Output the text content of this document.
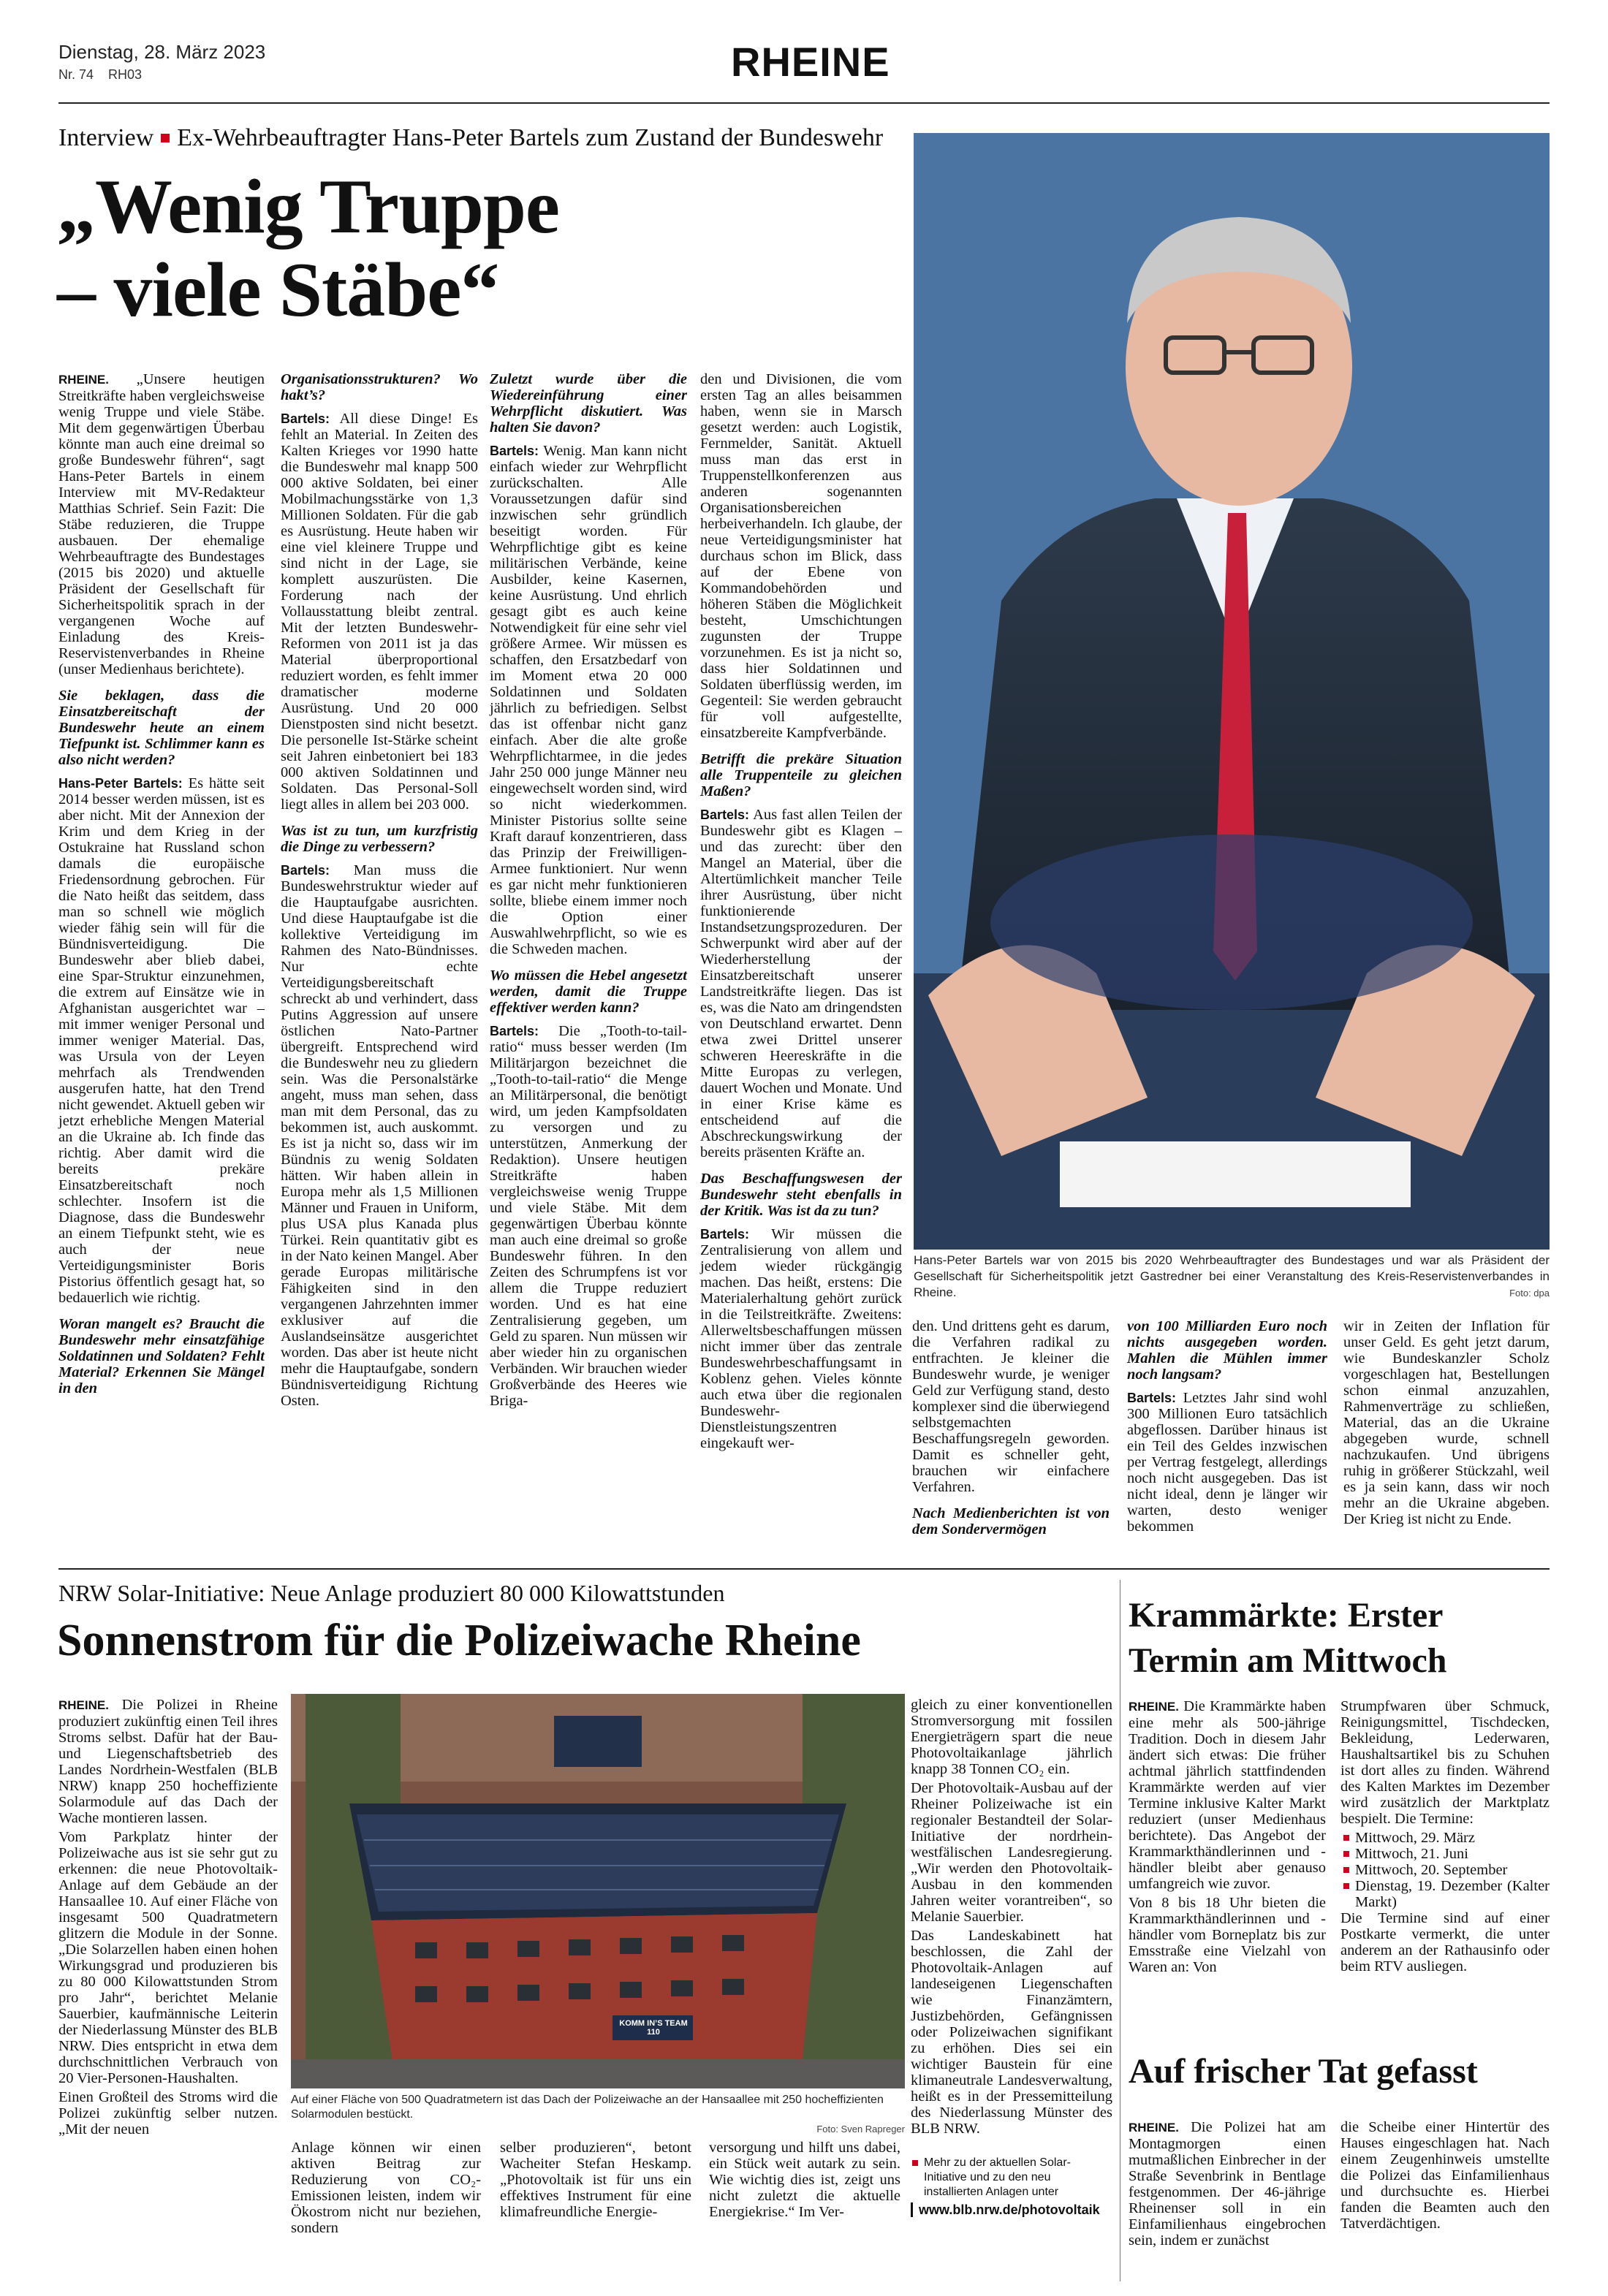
Dienstag, 28. März 2023
Nr. 74 RH03	RHEINE
Interview Ex-Wehrbeauftragter Hans-Peter Bartels zum Zustand der Bundeswehr
„Wenig Truppe
– viele Stäbe“

RHEINE. „Unsere heutigen Streitkräfte haben vergleichsweise wenig Truppe und viele Stäbe. Mit dem gegenwärtigen Überbau könnte man auch eine dreimal so große Bundeswehr führen“, sagt Hans-Peter Bartels in einem Interview mit MV-Redakteur Matthias Schrief. Sein Fazit: Die Stäbe reduzieren, die Truppe ausbauen. Der ehemalige Wehrbeauftragte des Bundestages (2015 bis 2020) und aktuelle Präsident der Gesellschaft für Sicherheitspolitik sprach in der vergangenen Woche auf Einladung des Kreis-Reservistenverbandes in Rheine (unser Medienhaus berichtete).

Sie beklagen, dass die Einsatzbereitschaft der Bundeswehr heute an einem Tiefpunkt ist. Schlimmer kann es also nicht werden?

Hans-Peter Bartels: Es hätte seit 2014 besser werden müssen, ist es aber nicht. Mit der Annexion der Krim und dem Krieg in der Ostukraine hat Russland schon damals die europäische Friedensordnung gebrochen. Für die Nato heißt das seitdem, dass man so schnell wie möglich wieder fähig sein will für die Bündnisverteidigung. Die Bundeswehr aber blieb dabei, eine Spar-Struktur einzunehmen, die extrem auf Einsätze wie in Afghanistan ausgerichtet war – mit immer weniger Personal und immer weniger Material. Das, was Ursula von der Leyen mehrfach als Trendwenden ausgerufen hatte, hat den Trend nicht gewendet. Aktuell geben wir jetzt erhebliche Mengen Material an die Ukraine ab. Ich finde das richtig. Aber damit wird die bereits prekäre Einsatzbereitschaft noch schlechter. Insofern ist die Diagnose, dass die Bundeswehr an einem Tiefpunkt steht, wie es auch der neue Verteidigungsminister Boris Pistorius öffentlich gesagt hat, so bedauerlich wie richtig.

Woran mangelt es? Braucht die Bundeswehr mehr einsatzfähige Soldatinnen und Soldaten? Fehlt Material? Erkennen Sie Mängel in den

Organisationsstrukturen? Wo hakt’s?

Bartels: All diese Dinge! Es fehlt an Material. In Zeiten des Kalten Krieges vor 1990 hatte die Bundeswehr mal knapp 500 000 aktive Soldaten, bei einer Mobilmachungsstärke von 1,3 Millionen Soldaten. Für die gab es Ausrüstung. Heute haben wir eine viel kleinere Truppe und sind nicht in der Lage, sie komplett auszurüsten. Die Forderung nach der Vollausstattung bleibt zentral. Mit der letzten Bundeswehr-Reformen von 2011 ist ja das Material überproportional reduziert worden, es fehlt immer dramatischer moderne Ausrüstung. Und 20 000 Dienstposten sind nicht besetzt. Die personelle Ist-Stärke scheint seit Jahren einbetoniert bei 183 000 aktiven Soldatinnen und Soldaten. Das Personal-Soll liegt alles in allem bei 203 000.

Was ist zu tun, um kurzfristig die Dinge zu verbessern?

Bartels: Man muss die Bundeswehrstruktur wieder auf die Hauptaufgabe ausrichten. Und diese Hauptaufgabe ist die kollektive Verteidigung im Rahmen des Nato-Bündnisses. Nur echte Verteidigungsbereitschaft schreckt ab und verhindert, dass Putins Aggression auf unsere östlichen Nato-Partner übergreift. Entsprechend wird die Bundeswehr neu zu gliedern sein. Was die Personalstärke angeht, muss man sehen, dass man mit dem Personal, das zu bekommen ist, auch auskommt. Es ist ja nicht so, dass wir im Bündnis zu wenig Soldaten hätten. Wir haben allein in Europa mehr als 1,5 Millionen Männer und Frauen in Uniform, plus USA plus Kanada plus Türkei. Rein quantitativ gibt es in der Nato keinen Mangel. Aber gerade Europas militärische Fähigkeiten sind in den vergangenen Jahrzehnten immer exklusiver auf die Auslandseinsätze ausgerichtet worden. Das aber ist heute nicht mehr die Hauptaufgabe, sondern Bündnisverteidigung Richtung Osten.

Zuletzt wurde über die Wiedereinführung einer Wehrpflicht diskutiert. Was halten Sie davon?

Bartels: Wenig. Man kann nicht einfach wieder zur Wehrpflicht zurückschalten. Alle Voraussetzungen dafür sind inzwischen sehr gründlich beseitigt worden. Für Wehrpflichtige gibt es keine militärischen Verbände, keine Ausbilder, keine Kasernen, keine Ausrüstung. Und ehrlich gesagt gibt es auch keine Notwendigkeit für eine sehr viel größere Armee. Wir müssen es schaffen, den Ersatzbedarf von im Moment etwa 20 000 Soldatinnen und Soldaten jährlich zu befriedigen. Selbst das ist offenbar nicht ganz einfach. Aber die alte große Wehrpflichtarmee, in die jedes Jahr 250 000 junge Männer neu eingewechselt worden sind, wird so nicht wiederkommen. Minister Pistorius sollte seine Kraft darauf konzentrieren, dass das Prinzip der Freiwilligen-Armee funktioniert. Nur wenn es gar nicht mehr funktionieren sollte, bliebe einem immer noch die Option einer Auswahlwehrpflicht, so wie es die Schweden machen.

Wo müssen die Hebel angesetzt werden, damit die Truppe effektiver werden kann?

Bartels: Die „Tooth-to-tail-ratio“ muss besser werden (Im Militärjargon bezeichnet die „Tooth-to-tail-ratio“ die Menge an Militärpersonal, die benötigt wird, um jeden Kampfsoldaten zu versorgen und zu unterstützen, Anmerkung der Redaktion). Unsere heutigen Streitkräfte haben vergleichsweise wenig Truppe und viele Stäbe. Mit dem gegenwärtigen Überbau könnte man auch eine dreimal so große Bundeswehr führen. In den Zeiten des Schrumpfens ist vor allem die Truppe reduziert worden. Und es hat eine Zentralisierung gegeben, um Geld zu sparen. Nun müssen wir aber wieder hin zu organischen Verbänden. Wir brauchen wieder Großverbände des Heeres wie Briga-

den und Divisionen, die vom ersten Tag an alles beisammen haben, wenn sie in Marsch gesetzt werden: auch Logistik, Fernmelder, Sanität. Aktuell muss man das erst in Truppenstellkonferenzen aus anderen sogenannten Organisationsbereichen herbeiverhandeln. Ich glaube, der neue Verteidigungsminister hat durchaus schon im Blick, dass auf der Ebene von Kommandobehörden und höheren Stäben die Möglichkeit besteht, Umschichtungen zugunsten der Truppe vorzunehmen. Es ist ja nicht so, dass hier Soldatinnen und Soldaten überflüssig werden, im Gegenteil: Sie werden gebraucht für voll aufgestellte, einsatzbereite Kampfverbände.

Betrifft die prekäre Situation alle Truppenteile zu gleichen Maßen?

Bartels: Aus fast allen Teilen der Bundeswehr gibt es Klagen – und das zurecht: über den Mangel an Material, über die Altertümlichkeit mancher Teile ihrer Ausrüstung, über nicht funktionierende Instandsetzungsprozeduren. Der Schwerpunkt wird aber auf der Wiederherstellung der Einsatzbereitschaft unserer Landstreitkräfte liegen. Das ist es, was die Nato am dringendsten von Deutschland erwartet. Denn etwa zwei Drittel unserer schweren Heereskräfte in die Mitte Europas zu verlegen, dauert Wochen und Monate. Und in einer Krise käme es entscheidend auf die Abschreckungswirkung der bereits präsenten Kräfte an.

Das Beschaffungswesen der Bundeswehr steht ebenfalls in der Kritik. Was ist da zu tun?

Bartels: Wir müssen die Zentralisierung von allem und jedem wieder rückgängig machen. Das heißt, erstens: Die Materialerhaltung gehört zurück in die Teilstreitkräfte. Zweitens: Allerweltsbeschaffungen müssen nicht immer über das zentrale Bundeswehrbeschaffungsamt in Koblenz gehen. Vieles könnte auch etwa über die regionalen Bundeswehr-Dienstleistungszentren eingekauft wer-

Hans-Peter Bartels war von 2015 bis 2020 Wehrbeauftragter des Bundestages und war als Präsident der Gesellschaft für Sicherheitspolitik jetzt Gastredner bei einer Veranstaltung des Kreis-Reservistenverbandes in Rheine.	Foto: dpa

den. Und drittens geht es darum, die Verfahren radikal zu entfrachten. Je kleiner die Bundeswehr wurde, je weniger Geld zur Verfügung stand, desto komplexer sind die überwiegend selbstgemachten Beschaffungsregeln geworden. Damit es schneller geht, brauchen wir einfachere Verfahren.

Nach Medienberichten ist von dem Sondervermögen

von 100 Milliarden Euro noch nichts ausgegeben worden. Mahlen die Mühlen immer noch langsam?

Bartels: Letztes Jahr sind wohl 300 Millionen Euro tatsächlich abgeflossen. Darüber hinaus ist ein Teil des Geldes inzwischen per Vertrag festgelegt, allerdings noch nicht ausgegeben. Das ist nicht ideal, denn je länger wir warten, desto weniger bekommen

wir in Zeiten der Inflation für unser Geld. Es geht jetzt darum, wie Bundeskanzler Scholz vorgeschlagen hat, Bestellungen schon einmal anzuzahlen, Rahmenverträge zu schließen, Material, das an die Ukraine abgegeben wurde, schnell nachzukaufen. Und übrigens ruhig in größerer Stückzahl, weil es ja sein kann, dass wir noch mehr an die Ukraine abgeben. Der Krieg ist nicht zu Ende.

NRW Solar-Initiative: Neue Anlage produziert 80 000 Kilowattstunden
Sonnenstrom für die Polizeiwache Rheine

RHEINE. Die Polizei in Rheine produziert zukünftig einen Teil ihres Stroms selbst. Dafür hat der Bau- und Liegenschaftsbetrieb des Landes Nordrhein-Westfalen (BLB NRW) knapp 250 hocheffiziente Solarmodule auf das Dach der Wache montieren lassen.

Vom Parkplatz hinter der Polizeiwache aus ist sie sehr gut zu erkennen: die neue Photovoltaik-Anlage auf dem Gebäude an der Hansaallee 10. Auf einer Fläche von insgesamt 500 Quadratmetern glitzern die Module in der Sonne. „Die Solarzellen haben einen hohen Wirkungsgrad und produzieren bis zu 80 000 Kilowattstunden Strom pro Jahr“, berichtet Melanie Sauerbier, kaufmännische Leiterin der Niederlassung Münster des BLB NRW. Dies entspricht in etwa dem durchschnittlichen Verbrauch von 20 Vier-Personen-Haushalten.

Einen Großteil des Stroms wird die Polizei zukünftig selber nutzen. „Mit der neuen

KOMM IN’S TEAM 110
Auf einer Fläche von 500 Quadratmetern ist das Dach der Polizeiwache an der Hansaallee mit 250 hocheffizienten Solarmodulen bestückt.
Foto: Sven Rapreger

Anlage können wir einen aktiven Beitrag zur Reduzierung von CO₂-Emissionen leisten, indem wir Ökostrom nicht nur beziehen, sondern

selber produzieren“, betont Wacheiter Stefan Heskamp. „Photovoltaik ist für uns ein effektives Instrument für eine klimafreundliche Energie-

versorgung und hilft uns dabei, ein Stück weit autark zu sein. Wie wichtig dies ist, zeigt uns nicht zuletzt die aktuelle Energiekrise.“ Im Ver-

gleich zu einer konventionellen Stromversorgung mit fossilen Energieträgern spart die neue Photovoltaikanlage jährlich knapp 38 Tonnen CO₂ ein.

Der Photovoltaik-Ausbau auf der Rheiner Polizeiwache ist ein regionaler Bestandteil der Solar-Initiative der nordrhein-westfälischen Landesregierung. „Wir werden den Photovoltaik-Ausbau in den kommenden Jahren weiter vorantreiben“, so Melanie Sauerbier.

Das Landeskabinett hat beschlossen, die Zahl der Photovoltaik-Anlagen auf landeseigenen Liegenschaften wie Finanzämtern, Justizbehörden, Gefängnissen oder Polizeiwachen signifikant zu erhöhen. Dies sei ein wichtiger Baustein für eine klimaneutrale Landesverwaltung, heißt es in der Pressemitteilung des Niederlassung Münster des BLB NRW.

Mehr zu der aktuellen Solar-Initiative und zu den neu installierten Anlagen unter
www.blb.nrw.de/photovoltaik
Krammärkte: Erster
Termin am Mittwoch

RHEINE. Die Krammärkte haben eine mehr als 500-jährige Tradition. Doch in diesem Jahr ändert sich etwas: Die früher achtmal jährlich stattfindenden Krammärkte werden auf vier Termine inklusive Kalter Markt reduziert (unser Medienhaus berichtete). Das Angebot der Krammarkthändlerinnen und -händler bleibt aber genauso umfangreich wie zuvor.

Von 8 bis 18 Uhr bieten die Krammarkthändlerinnen und -händler vom Borneplatz bis zur Emsstraße eine Vielzahl von Waren an: Von

Strumpfwaren über Schmuck, Reinigungsmittel, Tischdecken, Bekleidung, Lederwaren, Haushaltsartikel bis zu Schuhen ist dort alles zu finden. Während des Kalten Marktes im Dezember wird zusätzlich der Marktplatz bespielt. Die Termine:

Mittwoch, 29. März
Mittwoch, 21. Juni
Mittwoch, 20. September
Dienstag, 19. Dezember (Kalter Markt)

Die Termine sind auf einer Postkarte vermerkt, die unter anderem an der Rathausinfo oder beim RTV ausliegen.

Auf frischer Tat gefasst

RHEINE. Die Polizei hat am Montagmorgen einen mutmaßlichen Einbrecher in der Straße Sevenbrink in Bentlage festgenommen. Der 46-jährige Rheinenser soll in ein Einfamilienhaus eingebrochen sein, indem er zunächst

die Scheibe einer Hintertür des Hauses eingeschlagen hat. Nach einem Zeugenhinweis umstellte die Polizei das Einfamilienhaus und durchsuchte es. Hierbei fanden die Beamten auch den Tatverdächtigen.
